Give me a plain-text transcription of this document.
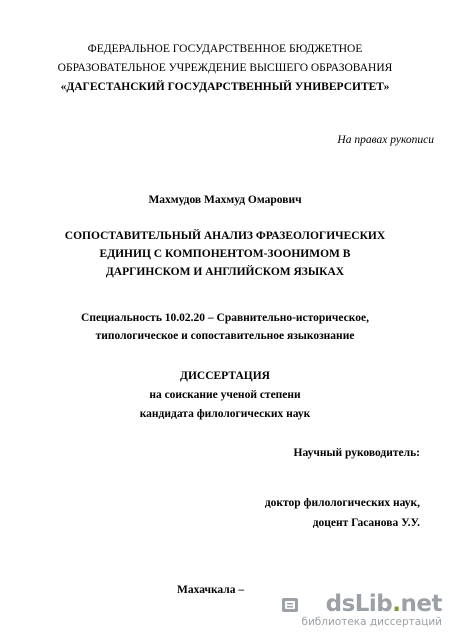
ФЕДЕРАЛЬНОЕ ГОСУДАРСТВЕННОЕ БЮДЖЕТНОЕ
ОБРАЗОВАТЕЛЬНОЕ УЧРЕЖДЕНИЕ ВЫСШЕГО ОБРАЗОВАНИЯ
«ДАГЕСТАНСКИЙ ГОСУДАРСТВЕННЫЙ УНИВЕРСИТЕТ»
На правах рукописи
Махмудов Махмуд Омарович
СОПОСТАВИТЕЛЬНЫЙ АНАЛИЗ ФРАЗЕОЛОГИЧЕСКИХ
ЕДИНИЦ С КОМПОНЕНТОМ-ЗООНИМОМ В
ДАРГИНСКОМ И АНГЛИЙСКОМ ЯЗЫКАХ
Специальность 10.02.20 – Сравнительно-историческое,
типологическое и сопоставительное языкознание
ДИССЕРТАЦИЯ
на соискание ученой степени
кандидата филологических наук
Научный руководитель:
доктор филологических наук,
доцент Гасанова У.У.
Махачкала –
dsLib.net
библиотека диссертаций
